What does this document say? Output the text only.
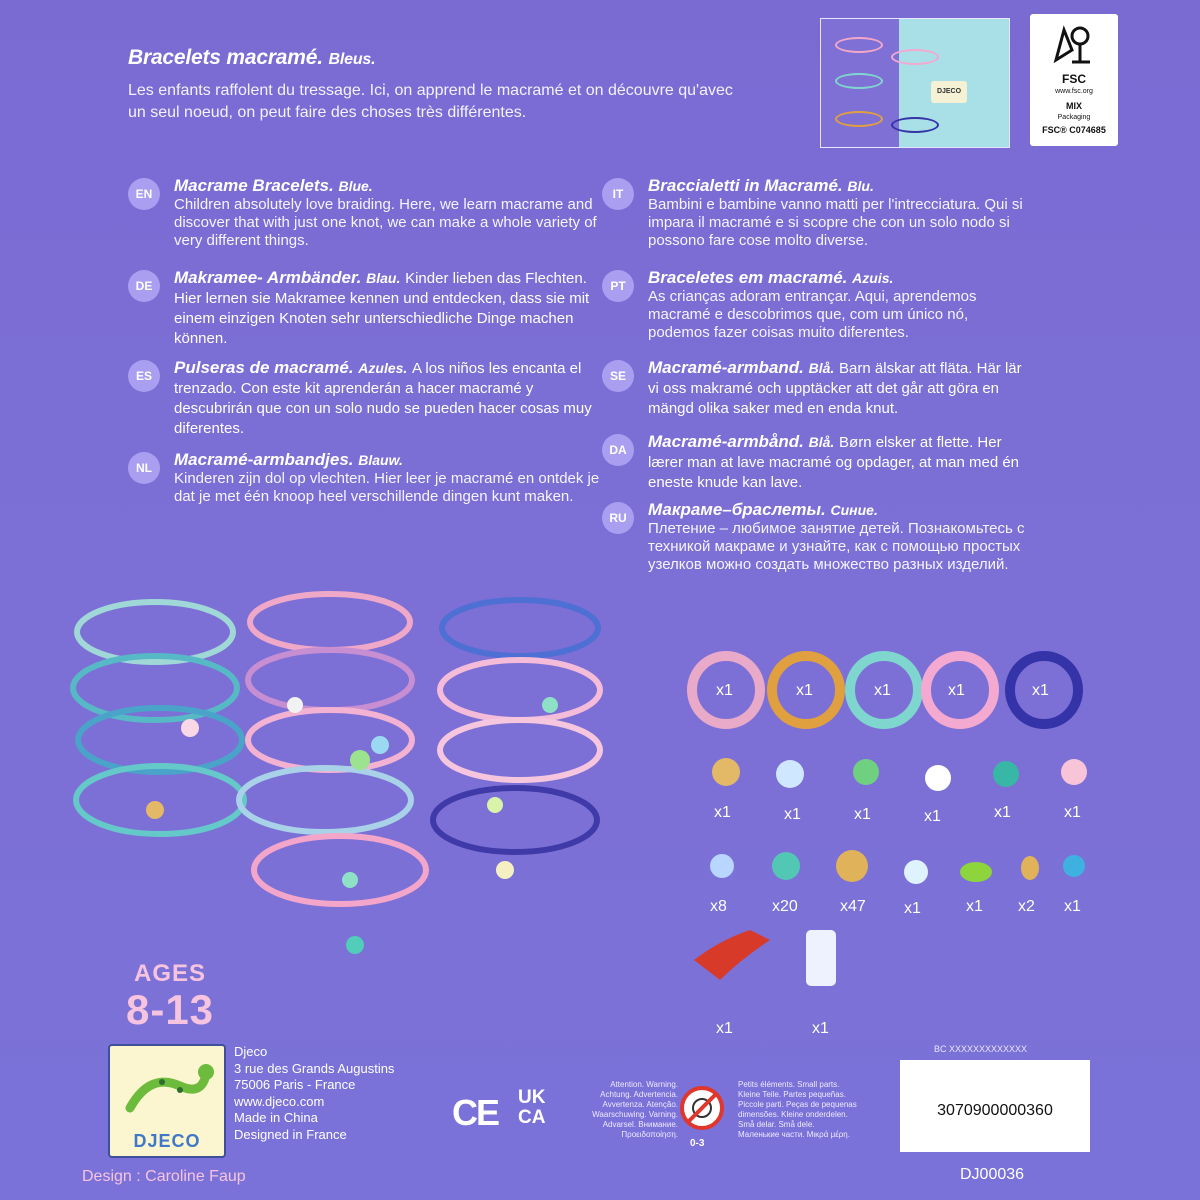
Bracelets macramé. Bleus.
Les enfants raffolent du tressage. Ici, on apprend le macramé et on découvre qu'avec un seul noeud, on peut faire des choses très différentes.
DJECO
FSC
www.fsc.org
MIX
Packaging
FSC® C074685
EN	Macrame Bracelets. Blue.
Children absolutely love braiding. Here, we learn macrame and discover that with just one knot, we can make a whole variety of very different things.
DE	Makramee- Armbänder. Blau. Kinder lieben das Flechten. Hier lernen sie Makramee kennen und entdecken, dass sie mit einem einzigen Knoten sehr unterschiedliche Dinge machen können.
ES	Pulseras de macramé. Azules. A los niños les encanta el trenzado. Con este kit aprenderán a hacer macramé y descubrirán que con un solo nudo se pueden hacer cosas muy diferentes.
NL	Macramé-armbandjes. Blauw.
Kinderen zijn dol op vlechten. Hier leer je macramé en ontdek je dat je met één knoop heel verschillende dingen kunt maken.
IT	Braccialetti in Macramé. Blu.
Bambini e bambine vanno matti per l'intrecciatura. Qui si impara il macramé e si scopre che con un solo nodo si possono fare cose molto diverse.
PT	Braceletes em macramé. Azuis.
As crianças adoram entrançar. Aqui, aprendemos macramé e descobrimos que, com um único nó, podemos fazer coisas muito diferentes.
SE	Macramé-armband. Blå. Barn älskar att fläta. Här lär vi oss makramé och upptäcker att det går att göra en mängd olika saker med en enda knut.
DA	Macramé-armbånd. Blå. Børn elsker at flette. Her lærer man at lave macramé og opdager, at man med én eneste knude kan lave.
RU	Макраме–браслеты. Синие.
Плетение – любимое занятие детей. Познакомьтесь с техникой макраме и узнайте, как с помощью простых узелков можно создать множество разных изделий.
x1	x1	x1	x1	x1
x1	x1	x1	x1	x1	x1
x8	x20	x47 x1	x1 x2 x1
x1	x1
AGES
8-13
DJECO
Djeco
3 rue des Grands Augustins
75006 Paris - France
www.djeco.com
Made in China
Designed in France
Design : Caroline Faup
CE UK
CA
Attention. Warning.
Achtung. Advertencia.
Avvertenza. Atenção.
Waarschuwing. Varning.
Advarsel. Внимание.
Προειδοποίηση.
0-3
Petits éléments. Small parts.
Kleine Teile. Partes pequeñas.
Piccole parti. Peças de pequenas
dimensões. Kleine onderdelen.
Små delar. Små dele.
Маленькие части. Μικρά μέρη.
BC XXXXXXXXXXXXX
3070900000360
DJ00036
